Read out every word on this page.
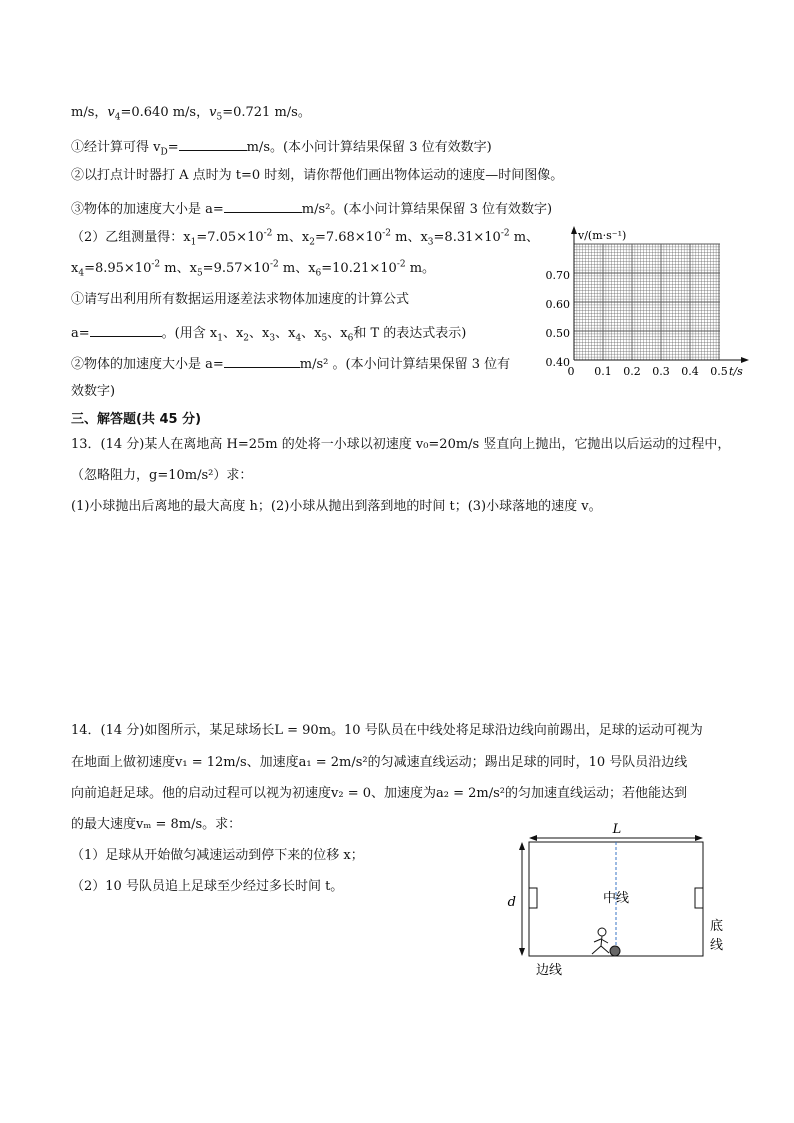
m/s，$v_4=0.640$ m/s，$v_5=0.721$ m/s。
①经计算可得 $v_D=$	m/s。(本小问计算结果保留 3 位有效数字)
②以打点计时器打 A 点时为 t=0 时刻，请你帮他们画出物体运动的速度—时间图像。
③物体的加速度大小是 a=	m/s²。(本小问计算结果保留 3 位有效数字)
（2）乙组测量得：$x_1=7.05\times 10^{-2}$ m、$x_2=7.68\times 10^{-2}$ m、$x_3=8.31\times 10^{-2}$ m、
$x_4=8.95\times 10^{-2}$ m、$x_5=9.57\times 10^{-2}$ m、$x_6=10.21\times 10^{-2}$ m。
①请写出利用所有数据运用逐差法求物体加速度的计算公式
a=	。(用含 $x_1$、$x_2$、$x_3$、$x_4$、$x_5$、$x_6$和 T 的表达式表示)
②物体的加速度大小是 a=	m/s² 。(本小问计算结果保留 3 位有
效数字)
v/(m·s⁻¹)
t/s
0.70
0.60
0.50
0.40
0 0.1 0.2 0.3 0.4 0.5
三、解答题(共 45 分)
13．(14 分)某人在离地高 H=25m 的处将一小球以初速度 v₀=20m/s 竖直向上抛出，它抛出以后运动的过程中，
（忽略阻力，g=10m/s²）求：
(1)小球抛出后离地的最大高度 h；(2)小球从抛出到落到地的时间 t；(3)小球落地的速度 v。
14．(14 分)如图所示，某足球场长L = 90m。10 号队员在中线处将足球沿边线向前踢出，足球的运动可视为
在地面上做初速度v₁ = 12m/s、加速度a₁ = 2m/s²的匀减速直线运动；踢出足球的同时，10 号队员沿边线
向前追赶足球。他的启动过程可以视为初速度v₂ = 0、加速度为a₂ = 2m/s²的匀加速直线运动；若他能达到
的最大速度vₘ = 8m/s。求：
（1）足球从开始做匀减速运动到停下来的位移 x；
（2）10 号队员追上足球至少经过多长时间 t。
L
d	中线
底
线
边线
